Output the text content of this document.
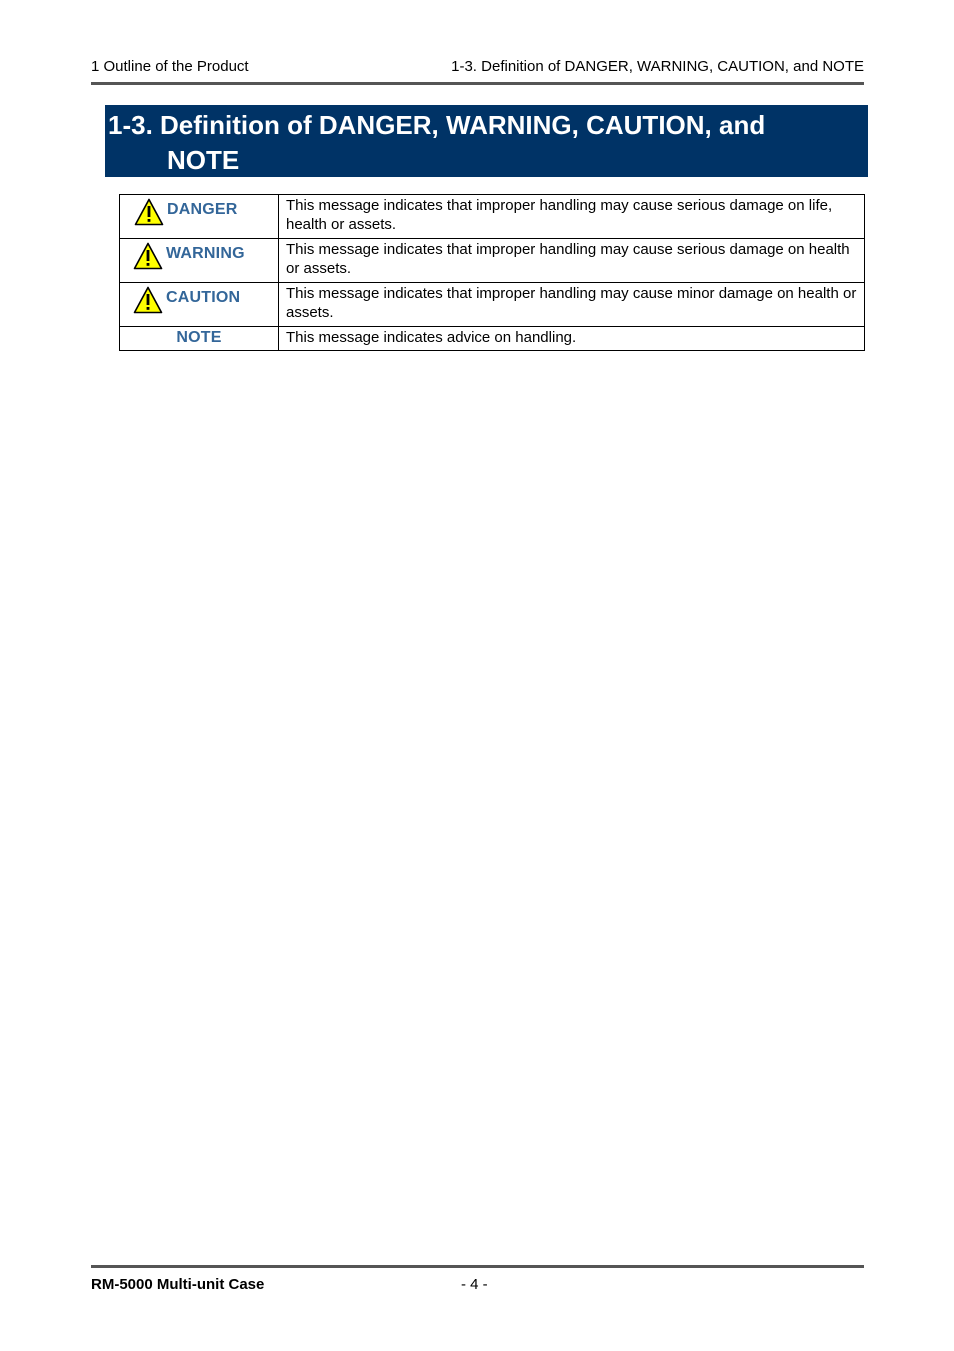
1 Outline of the Product	1-3. Definition of DANGER, WARNING, CAUTION, and NOTE
1-3. Definition of DANGER, WARNING, CAUTION, and
NOTE
DANGER	This message indicates that improper handling may cause serious damage on life, health or assets.

WARNING	This message indicates that improper handling may cause serious damage on health or assets.

CAUTION	This message indicates that improper handling may cause minor damage on health or assets.

NOTE	This message indicates advice on handling.
RM-5000 Multi-unit Case	- 4 -
